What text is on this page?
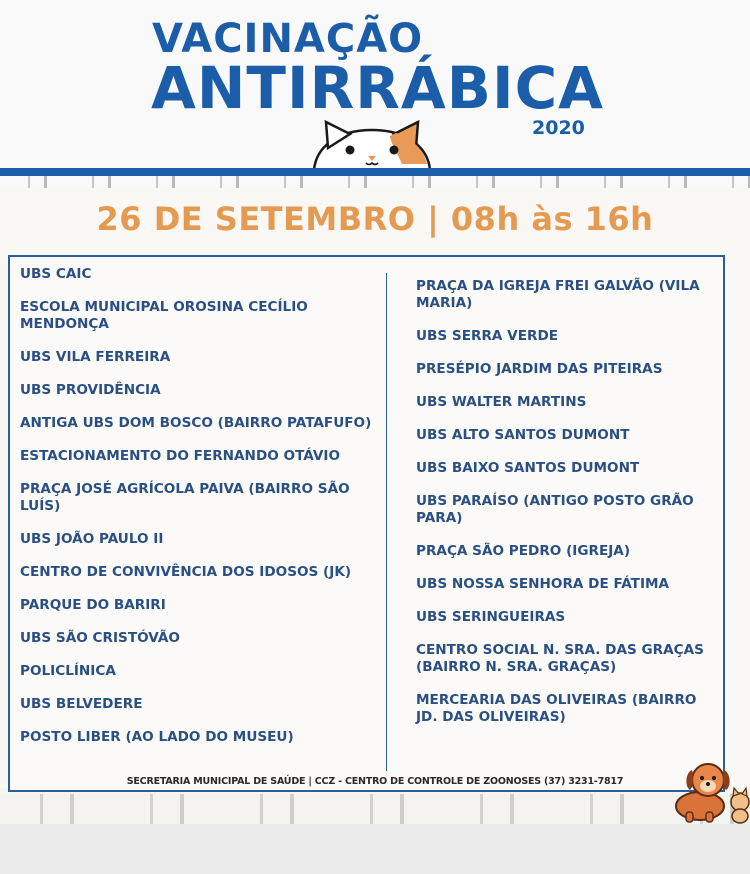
VACINAÇÃO
ANTIRRÁBICA
2020
26 DE SETEMBRO | 08h às 16h
UBS CAIC
ESCOLA MUNICIPAL OROSINA CECÍLIO MENDONÇA
UBS VILA FERREIRA
UBS PROVIDÊNCIA
ANTIGA UBS DOM BOSCO (BAIRRO PATAFUFO)
ESTACIONAMENTO DO FERNANDO OTÁVIO
PRAÇA JOSÉ AGRÍCOLA PAIVA (BAIRRO SÃO LUÍS)
UBS JOÃO PAULO II
CENTRO DE CONVIVÊNCIA DOS IDOSOS (JK)
PARQUE DO BARIRI
UBS SÃO CRISTÓVÃO
POLICLÍNICA
UBS BELVEDERE
POSTO LIBER (AO LADO DO MUSEU)
PRAÇA DA IGREJA FREI GALVÃO (VILA MARIA)
UBS SERRA VERDE
PRESÉPIO JARDIM DAS PITEIRAS
UBS WALTER MARTINS
UBS ALTO SANTOS DUMONT
UBS BAIXO SANTOS DUMONT
UBS PARAÍSO (ANTIGO POSTO GRÃO PARA)
PRAÇA SÃO PEDRO (IGREJA)
UBS NOSSA SENHORA DE FÁTIMA
UBS SERINGUEIRAS
CENTRO SOCIAL N. SRA. DAS GRAÇAS (BAIRRO N. SRA. GRAÇAS)
MERCEARIA DAS OLIVEIRAS (BAIRRO JD. DAS OLIVEIRAS)
SECRETARIA MUNICIPAL DE SAÚDE | CCZ - CENTRO DE CONTROLE DE ZOONOSES (37) 3231-7817
